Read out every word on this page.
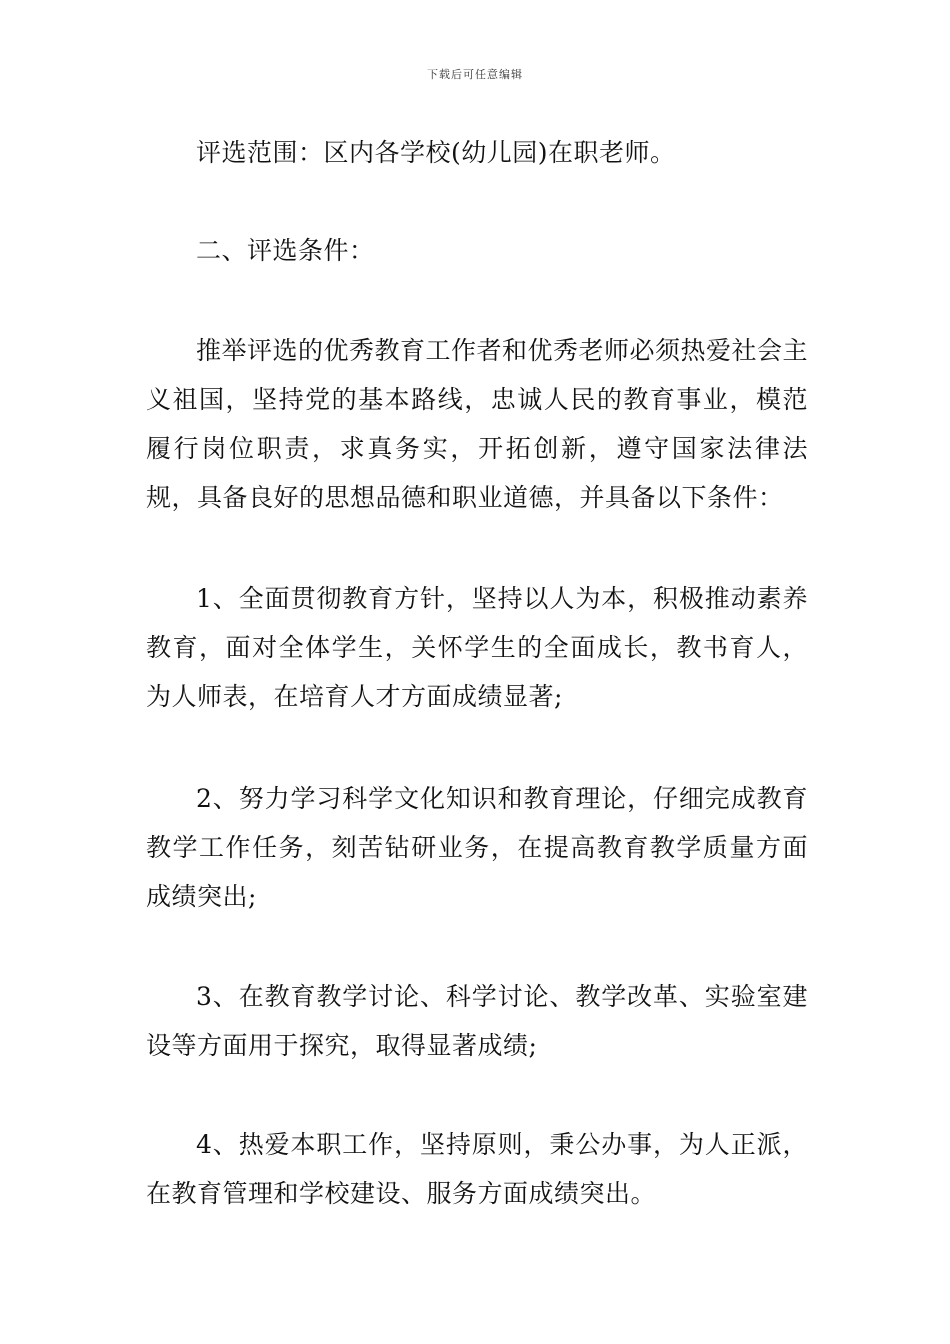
下载后可任意编辑

评选范围：区内各学校(幼儿园)在职老师。

二、评选条件：

推举评选的优秀教育工作者和优秀老师必须热爱社会主义祖国，坚持党的基本路线，忠诚人民的教育事业，模范履行岗位职责，求真务实，开拓创新，遵守国家法律法规，具备良好的思想品德和职业道德，并具备以下条件：

1、全面贯彻教育方针，坚持以人为本，积极推动素养教育，面对全体学生，关怀学生的全面成长，教书育人，为人师表，在培育人才方面成绩显著;

2、努力学习科学文化知识和教育理论，仔细完成教育教学工作任务，刻苦钻研业务，在提高教育教学质量方面成绩突出;

3、在教育教学讨论、科学讨论、教学改革、实验室建设等方面用于探究，取得显著成绩;

4、热爱本职工作，坚持原则，秉公办事，为人正派，在教育管理和学校建设、服务方面成绩突出。
